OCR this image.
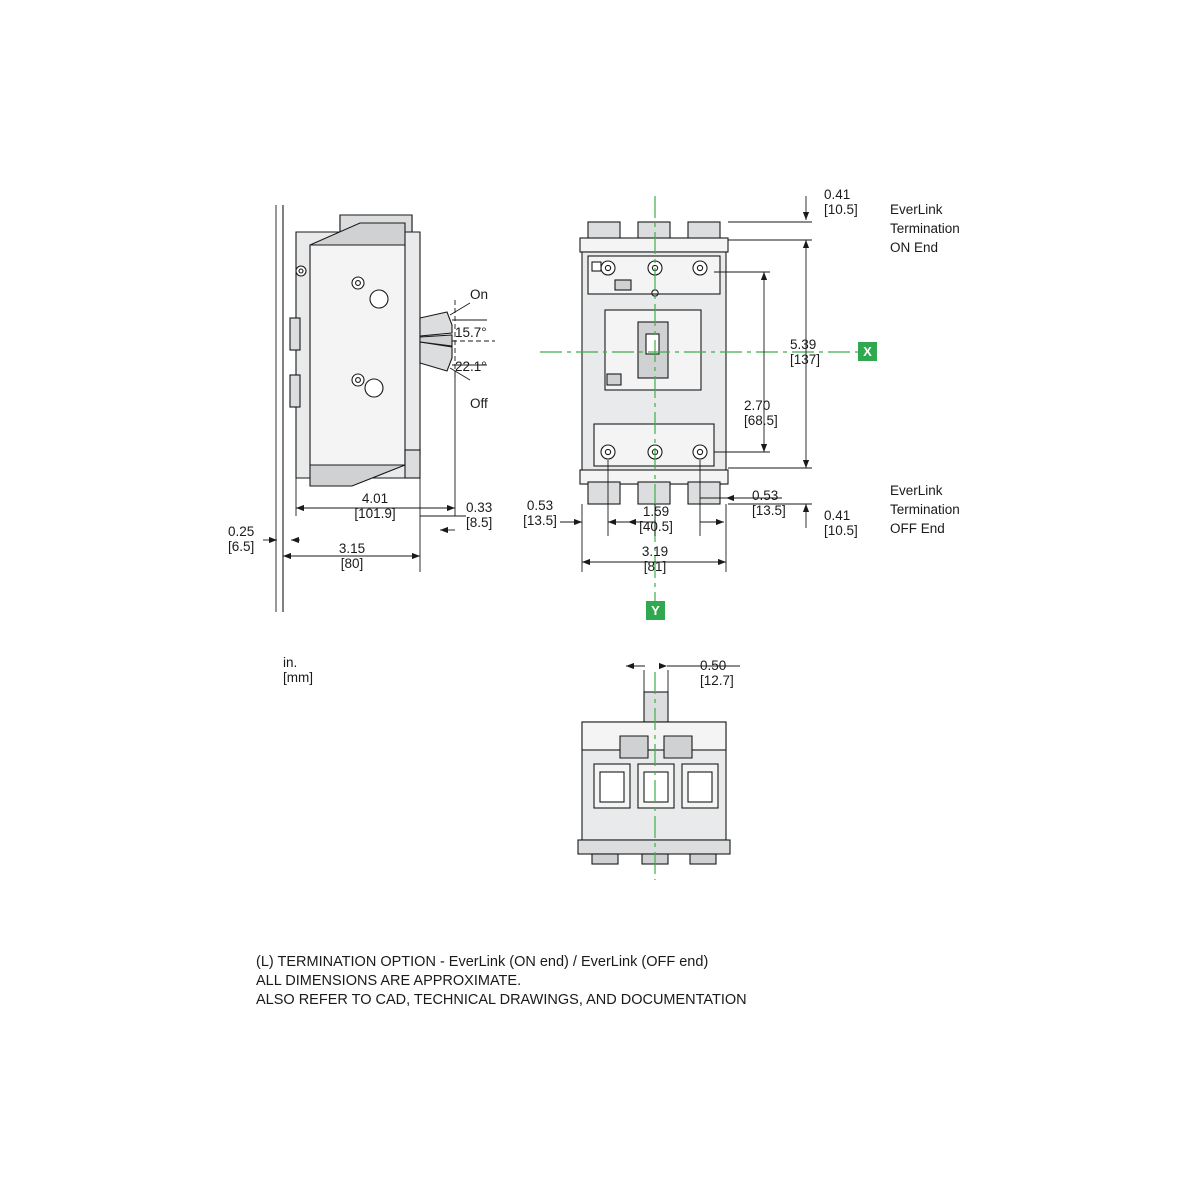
On
Off
15.7°
22.1°
4.01
[101.9]
3.15
[80]
0.25
[6.5]
0.33
[8.5]
in.
[mm]
0.41
[10.5]
5.39
[137]
2.70
[68.5]
0.41
[10.5]
0.53
[13.5]
1.59
[40.5]
0.53
[13.5]
3.19
[81]
EverLink
Termination
ON End
EverLink
Termination
OFF End
X
Y
0.50
[12.7]
(L) TERMINATION OPTION - EverLink (ON end) / EverLink (OFF end)
ALL DIMENSIONS ARE APPROXIMATE.
ALSO REFER TO CAD, TECHNICAL DRAWINGS, AND DOCUMENTATION
